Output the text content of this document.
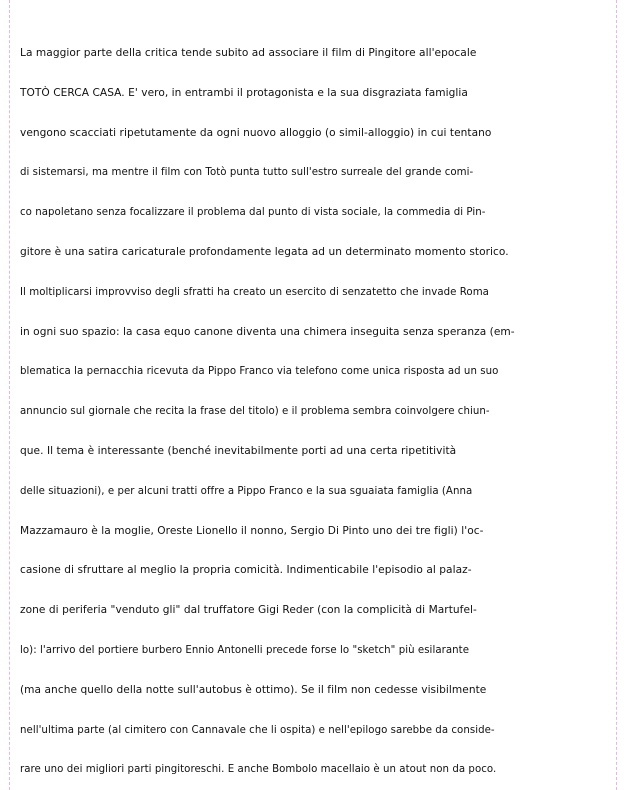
La maggior parte della critica tende subito ad associare il film di Pingitore all'epocale
TOTÒ CERCA CASA. E' vero, in entrambi il protagonista e la sua disgraziata famiglia
vengono scacciati ripetutamente da ogni nuovo alloggio (o simil-alloggio) in cui tentano
di sistemarsi, ma mentre il film con Totò punta tutto sull'estro surreale del grande comi-
co napoletano senza focalizzare il problema dal punto di vista sociale, la commedia di Pin-
gitore è una satira caricaturale profondamente legata ad un determinato momento storico.
Il moltiplicarsi improvviso degli sfratti ha creato un esercito di senzatetto che invade Roma
in ogni suo spazio: la casa equo canone diventa una chimera inseguita senza speranza (em-
blematica la pernacchia ricevuta da Pippo Franco via telefono come unica risposta ad un suo
annuncio sul giornale che recita la frase del titolo) e il problema sembra coinvolgere chiun-
que. Il tema è interessante (benché inevitabilmente porti ad una certa ripetitività
delle situazioni), e per alcuni tratti offre a Pippo Franco e la sua sguaiata famiglia (Anna
Mazzamauro è la moglie, Oreste Lionello il nonno, Sergio Di Pinto uno dei tre figli) l'oc-
casione di sfruttare al meglio la propria comicità. Indimenticabile l'episodio al palaz-
zone di periferia "venduto gli" dal truffatore Gigi Reder (con la complicità di Martufel-
lo): l'arrivo del portiere burbero Ennio Antonelli precede forse lo "sketch" più esilarante
(ma anche quello della notte sull'autobus è ottimo). Se il film non cedesse visibilmente
nell'ultima parte (al cimitero con Cannavale che li ospita) e nell'epilogo sarebbe da conside-
rare uno dei migliori parti pingitoreschi. E anche Bombolo macellaio è un atout non da poco.
